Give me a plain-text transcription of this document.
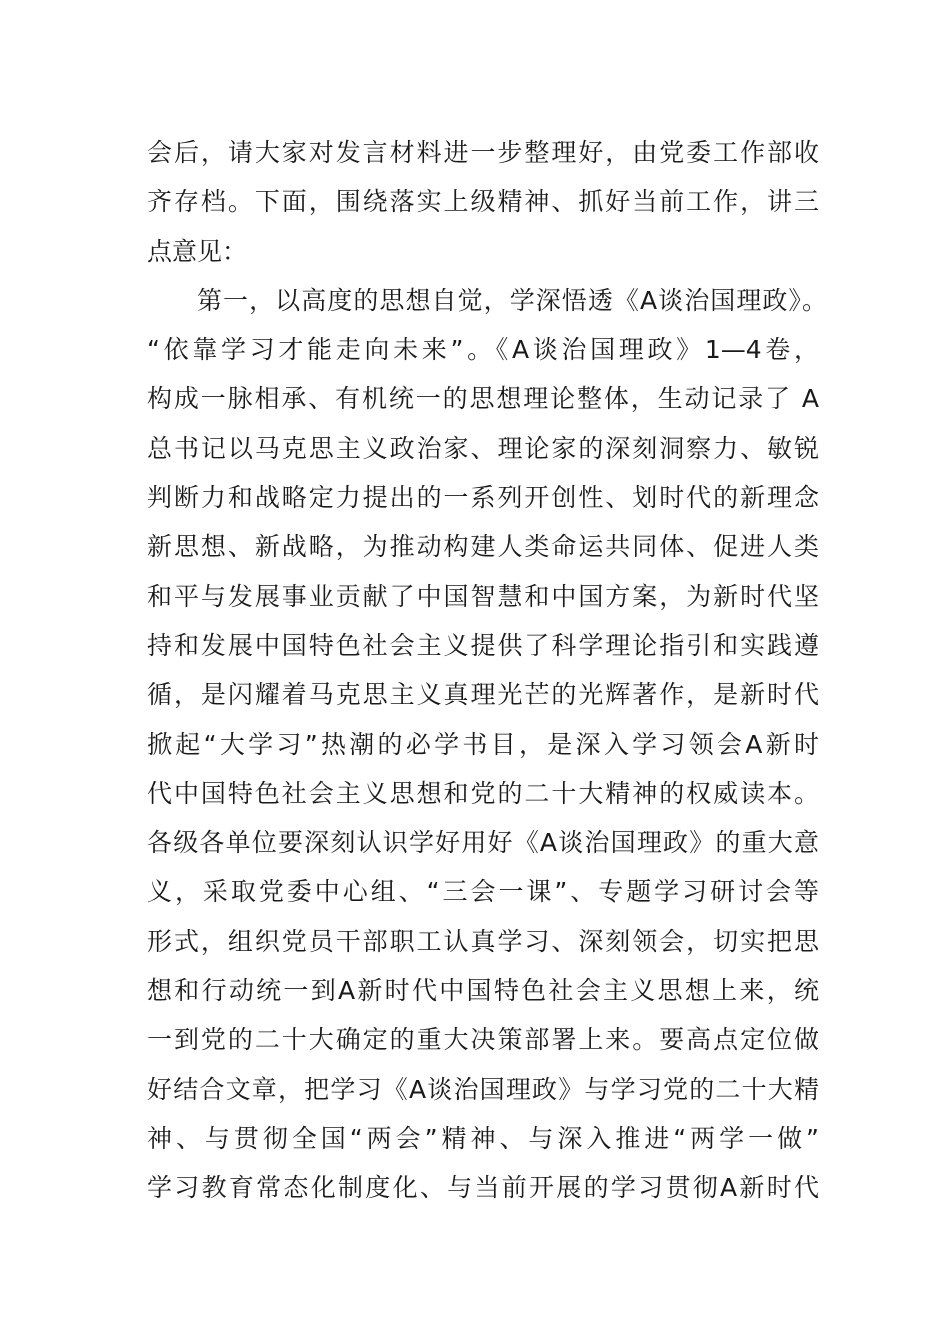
会后，请大家对发言材料进一步整理好，由党委工作部收
齐存档。下面，围绕落实上级精神、抓好当前工作，讲三
点意见：
第一，以高度的思想自觉，学深悟透《A谈治国理政》。
“依靠学习才能走向未来”。《A谈治国理政》1—4卷，
构成一脉相承、有机统一的思想理论整体，生动记录了 A
总书记以马克思主义政治家、理论家的深刻洞察力、敏锐
判断力和战略定力提出的一系列开创性、划时代的新理念
新思想、新战略，为推动构建人类命运共同体、促进人类
和平与发展事业贡献了中国智慧和中国方案，为新时代坚
持和发展中国特色社会主义提供了科学理论指引和实践遵
循，是闪耀着马克思主义真理光芒的光辉著作，是新时代
掀起“大学习”热潮的必学书目，是深入学习领会A新时
代中国特色社会主义思想和党的二十大精神的权威读本。
各级各单位要深刻认识学好用好《A谈治国理政》的重大意
义，采取党委中心组、“三会一课”、专题学习研讨会等
形式，组织党员干部职工认真学习、深刻领会，切实把思
想和行动统一到A新时代中国特色社会主义思想上来，统
一到党的二十大确定的重大决策部署上来。要高点定位做
好结合文章，把学习《A谈治国理政》与学习党的二十大精
神、与贯彻全国“两会”精神、与深入推进“两学一做”
学习教育常态化制度化、与当前开展的学习贯彻A新时代
